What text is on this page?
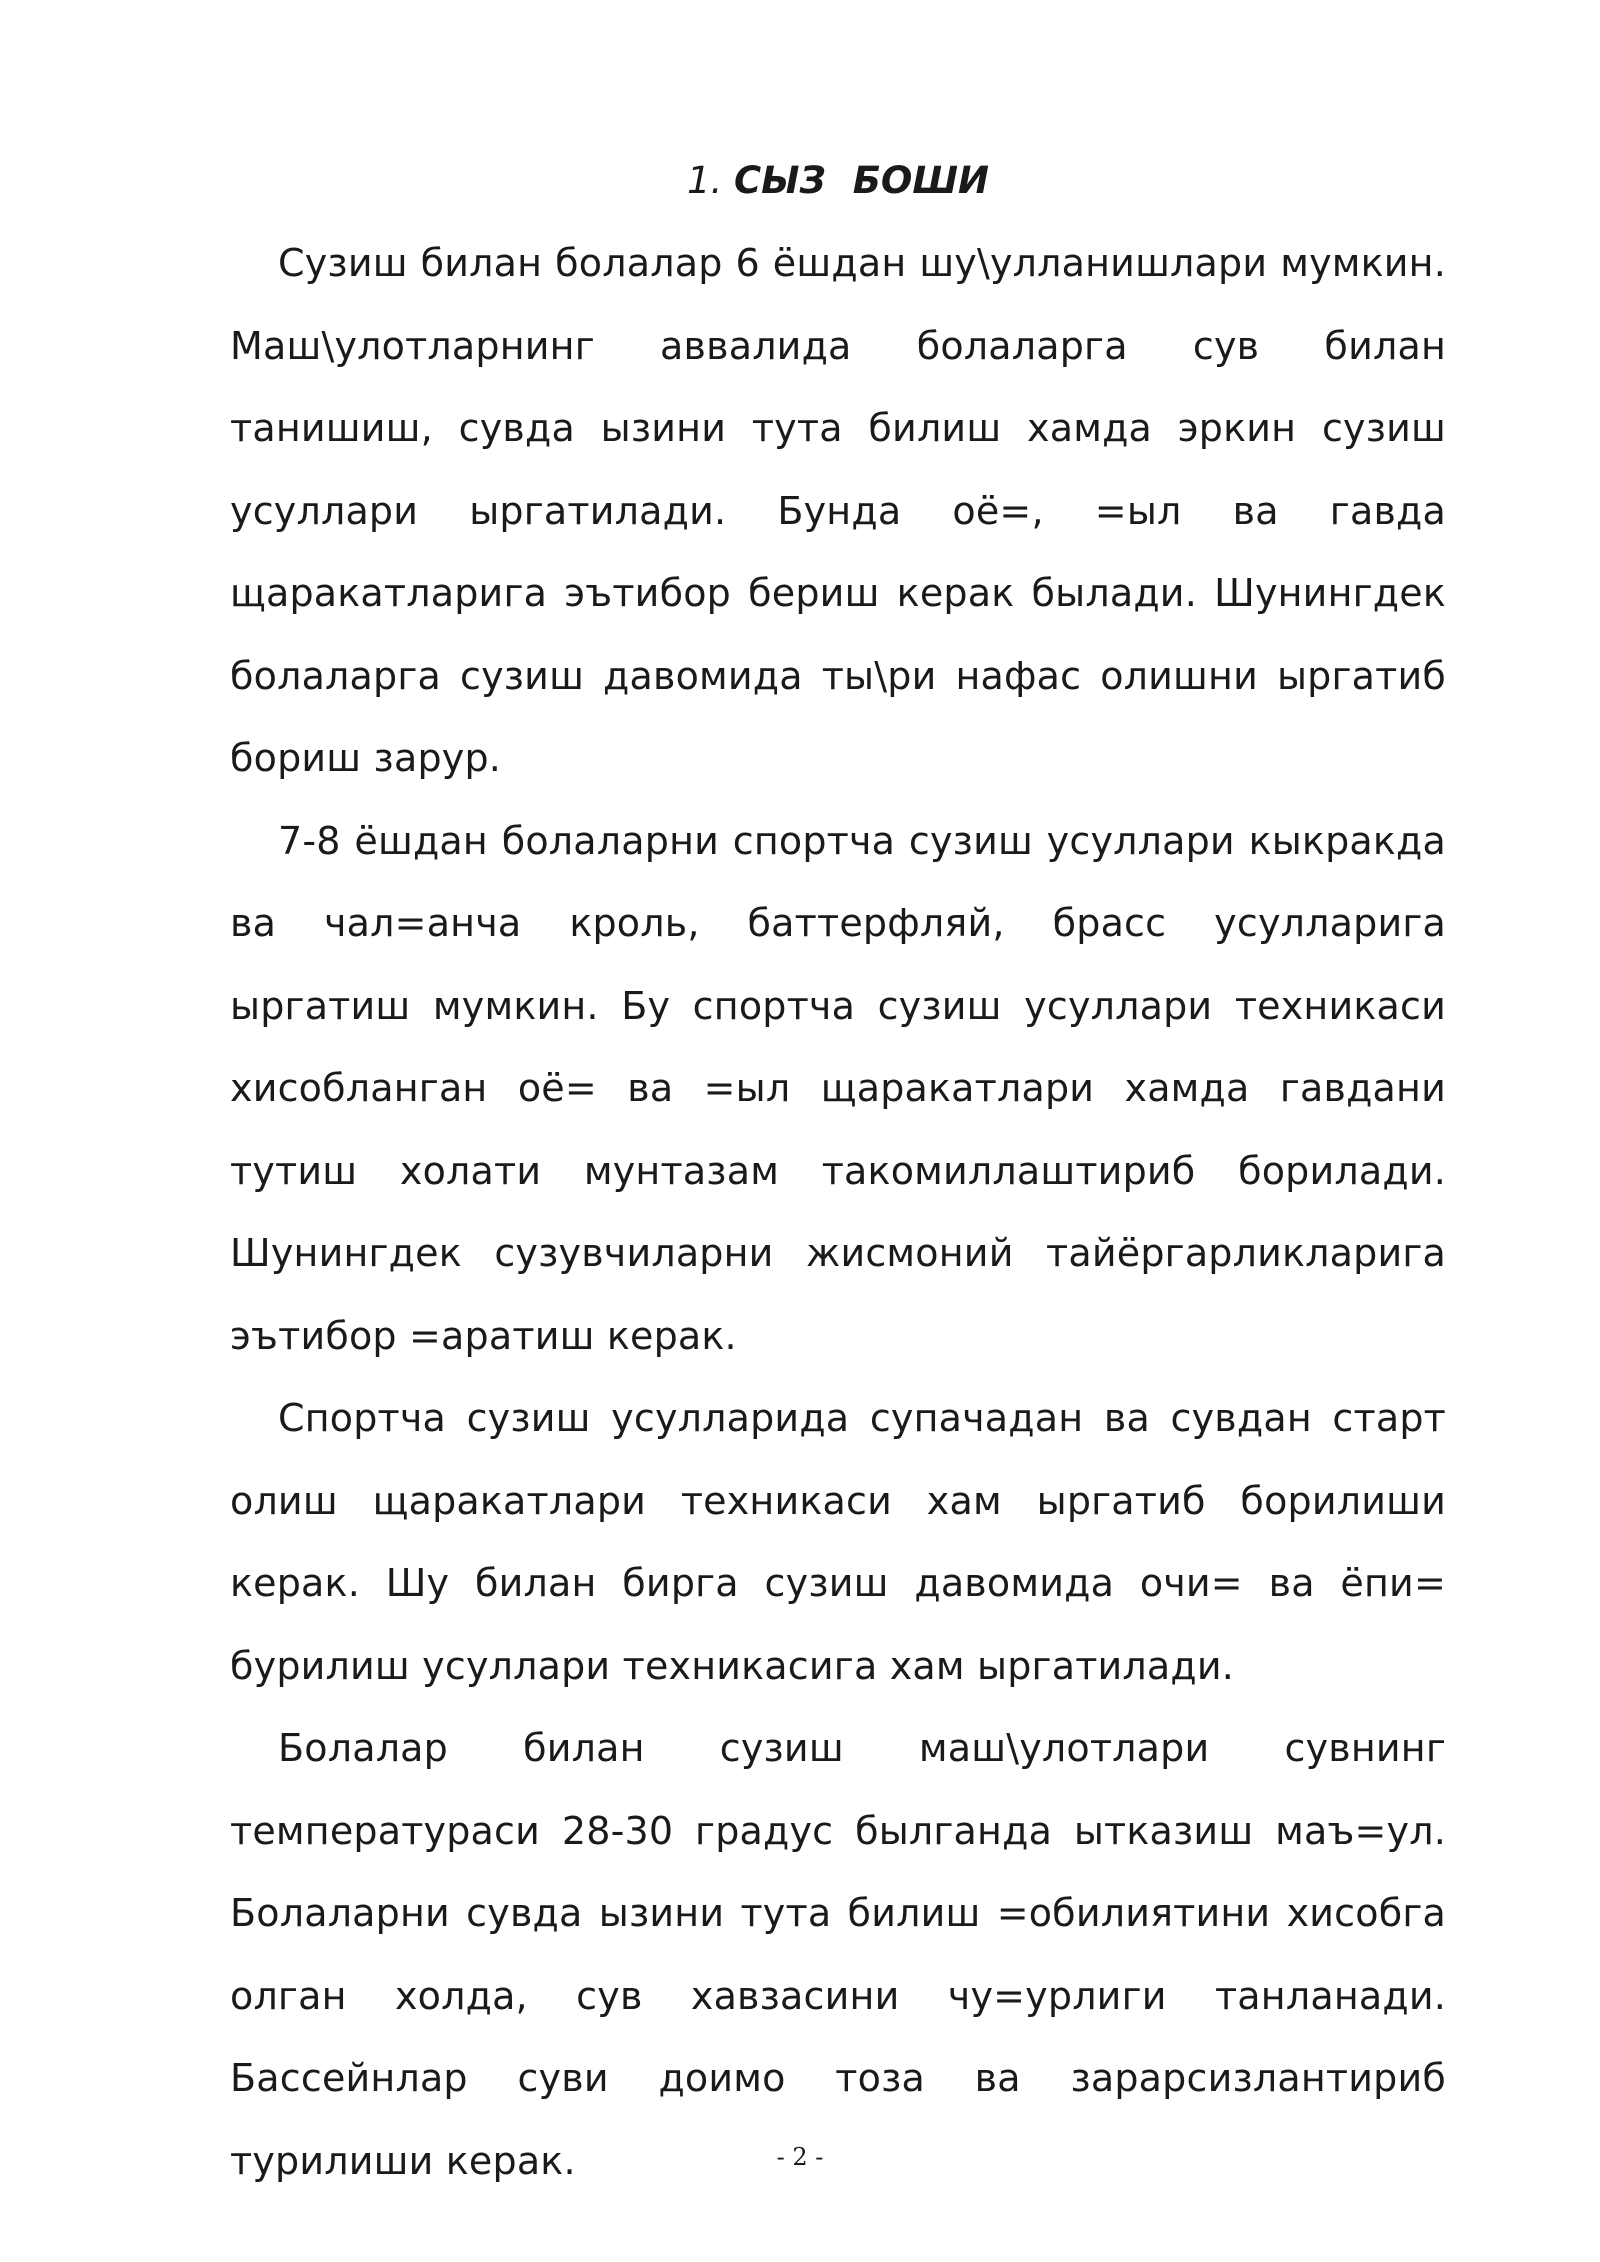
1. СЫЗ БОШИ

Сузиш билан болалар 6 ёшдан шу\улланишлари мумкин. Маш\улотларнинг аввалида болаларга сув билан танишиш, сувда ызини тута билиш хамда эркин сузиш усуллари ыргатилади. Бунда оё=, =ыл ва гавда щаракатларига эътибор бериш керак былади. Шунингдек болаларга сузиш давомида ты\ри нафас олишни ыргатиб бориш зарур.

7-8 ёшдан болаларни спортча сузиш усуллари кыкракда ва чал=анча кроль, баттерфляй, брасс усулларига ыргатиш мумкин. Бу спортча сузиш усуллари техникаси хисобланган оё= ва =ыл щаракатлари хамда гавдани тутиш холати мунтазам такомиллаштириб борилади. Шунингдек сузувчиларни жисмоний тайёргарликларига эътибор =аратиш керак.

Спортча сузиш усулларида супачадан ва сувдан старт олиш щаракатлари техникаси хам ыргатиб борилиши керак. Шу билан бирга сузиш давомида очи= ва ёпи= бурилиш усуллари техникасига хам ыргатилади.

Болалар билан сузиш маш\улотлари сувнинг температураси 28-30 градус былганда ытказиш маъ=ул. Болаларни сувда ызини тута билиш =обилиятини хисобга олган холда, сув хавзасини чу=урлиги танланади. Бассейнлар суви доимо тоза ва зарарсизлантириб турилиши керак.	- 2 -
